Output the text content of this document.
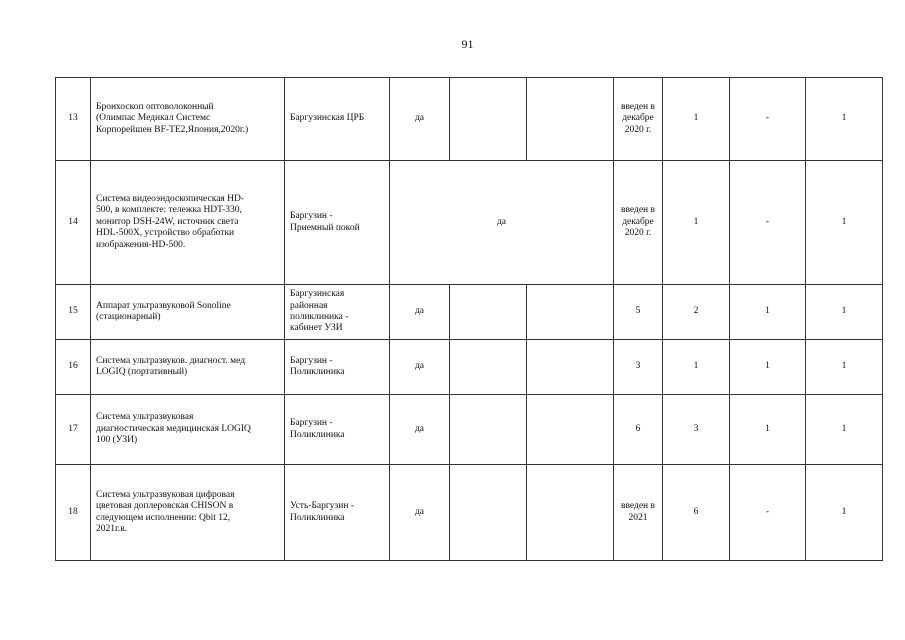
91
13	Бронхоскоп оптоволоконный
(Олимпас Медикал Системс
Корпорейшен BF-TE2,Япония,2020г.)	Баргузинская ЦРБ	да			введен в
декабре
2020 г.	1	-	1
14	Система видеоэндоскопическая HD-
500, в комплекте: тележка HDT-330,
монитор DSH-24W, источник света
HDL-500X, устройство обработки
изображения-HD-500.	Баргузин -
Приемный покой	да			введен в
декабре
2020 г.	1	-	1
15	Аппарат ультразвуковой Sonoline
(стационарный)	Баргузинская
районная
поликлиника -
кабинет УЗИ	да			5	2	1	1
16	Система ультразвуков. диагност. мед
LOGIQ (портативный)	Баргузин -
Поликлиника	да			3	1	1	1
17	Система ультразвуковая
диагностическая медицинская LOGIQ
100 (УЗИ)	Баргузин -
Поликлиника	да			6	3	1	1
18	Система ультразвуковая цифровая
цветовая доплеровская CHISON в
следующем исполнении: Qbit 12,
2021г.в.	Усть-Баргузин -
Поликлиника	да			введен в
2021	6	-	1
